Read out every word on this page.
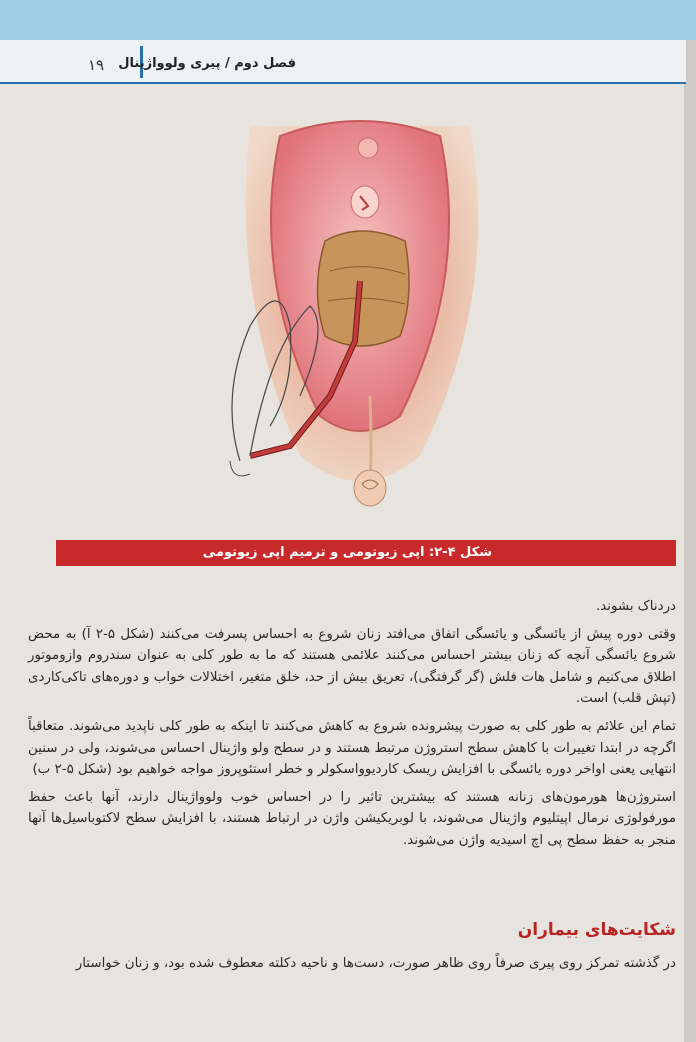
۱۹ فصل دوم / پیری ولوواژینال
شکل ۴-۲: اپی زیوتومی و ترمیم اپی زیوتومی

دردناک بشوند.

وقتی دوره پیش از یائسگی و یائسگی اتفاق می‌افتد زنان شروع به احساس پسرفت می‌کنند (شکل ۵-۲ آ) به محض شروع یائسگی آنچه که زنان بیشتر احساس می‌کنند علائمی هستند که ما به طور کلی به عنوان سندروم وازوموتور اطلاق می‌کنیم و شامل هات فلش (گر گرفتگی)، تعریق بیش از حد، خلق متغیر، اختلالات خواب و دوره‌های تاکی‌کاردی (تپش قلب) است.

تمام این علائم به طور کلی به صورت پیشرونده شروع به کاهش می‌کنند تا اینکه به طور کلی ناپدید می‌شوند. متعاقباً اگرچه در ابتدا تغییرات با کاهش سطح استروژن مرتبط هستند و در سطح ولو واژینال احساس می‌شوند، ولی در سنین انتهایی یعنی اواخر دوره یائسگی با افزایش ریسک کاردیوواسکولر و خطر استئوپروز مواجه خواهیم بود (شکل ۵-۲ ب)

استروژن‌ها هورمون‌های زنانه هستند که بیشترین تاثیر را در احساس خوب ولوواژینال دارند، آنها باعث حفظ مورفولوژی نرمال اپیتلیوم واژینال می‌شوند، با لوبریکیشن واژن در ارتباط هستند، با افزایش سطح لاکتوباسیل‌ها آنها منجر به حفظ سطح پی اچ اسیدیه واژن می‌شوند.

شکایت‌های بیماران
در گذشته تمرکز روی پیری صرفاً روی ظاهر صورت، دست‌ها و ناحیه دکلته معطوف شده بود، و زنان خواستار
